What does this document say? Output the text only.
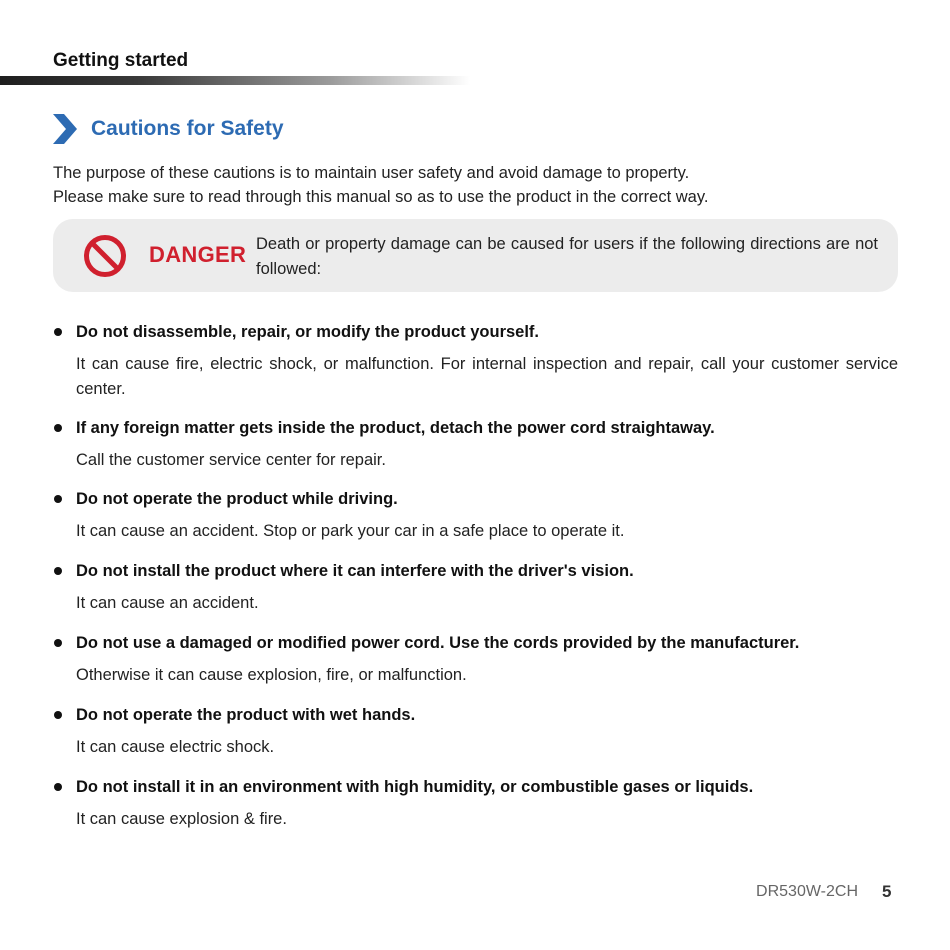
Getting started
Cautions for Safety

The purpose of these cautions is to maintain user safety and avoid damage to property.

Please make sure to read through this manual so as to use the product in the correct way.

DANGER Death or property damage can be caused for users if the following directions are not followed:
Do not disassemble, repair, or modify the product yourself.
It can cause fire, electric shock, or malfunction. For internal inspection and repair, call your customer service center.
If any foreign matter gets inside the product, detach the power cord straightaway.
Call the customer service center for repair.
Do not operate the product while driving.
It can cause an accident. Stop or park your car in a safe place to operate it.
Do not install the product where it can interfere with the driver's vision.
It can cause an accident.
Do not use a damaged or modified power cord. Use the cords provided by the manufacturer.
Otherwise it can cause explosion, fire, or malfunction.
Do not operate the product with wet hands.
It can cause electric shock.
Do not install it in an environment with high humidity, or combustible gases or liquids.
It can cause explosion & fire.
DR530W-2CH 5
